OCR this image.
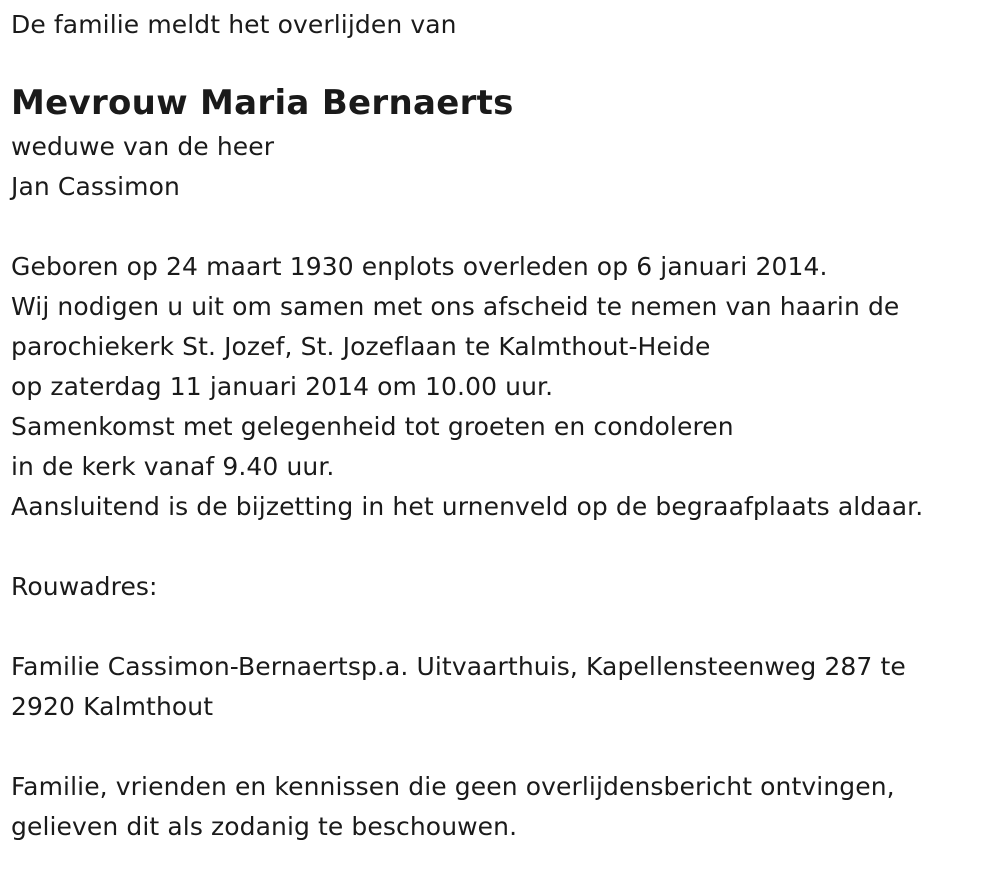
De familie meldt het overlijden van
Mevrouw Maria Bernaerts
weduwe van de heer
Jan Cassimon
Geboren op 24 maart 1930 enplots overleden op 6 januari 2014.
Wij nodigen u uit om samen met ons afscheid te nemen van haarin de
parochiekerk St. Jozef, St. Jozeflaan te Kalmthout-Heide
op zaterdag 11 januari 2014 om 10.00 uur.
Samenkomst met gelegenheid tot groeten en condoleren
in de kerk vanaf 9.40 uur.
Aansluitend is de bijzetting in het urnenveld op de begraafplaats aldaar.
Rouwadres:
Familie Cassimon-Bernaertsp.a. Uitvaarthuis, Kapellensteenweg 287 te
2920 Kalmthout
Familie, vrienden en kennissen die geen overlijdensbericht ontvingen,
gelieven dit als zodanig te beschouwen.
